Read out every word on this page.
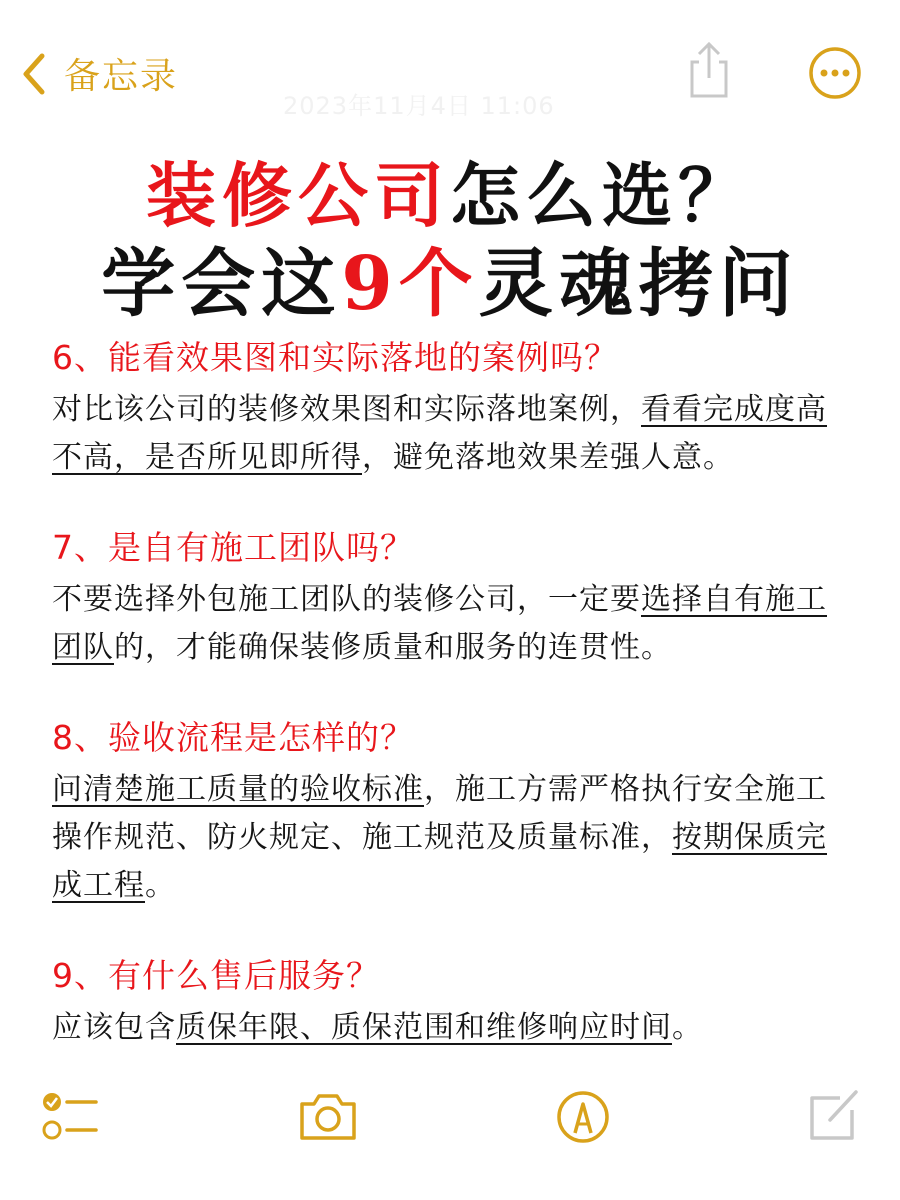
备忘录
2023年11月4日 11:06
装修公司怎么选？
学会这9个灵魂拷问
6、能看效果图和实际落地的案例吗？
对比该公司的装修效果图和实际落地案例，看看完成度高不高，是否所见即所得，避免落地效果差强人意。
7、是自有施工团队吗？
不要选择外包施工团队的装修公司，一定要选择自有施工团队的，才能确保装修质量和服务的连贯性。
8、验收流程是怎样的？
问清楚施工质量的验收标准，施工方需严格执行安全施工操作规范、防火规定、施工规范及质量标准，按期保质完成工程。
9、有什么售后服务？
应该包含质保年限、质保范围和维修响应时间。
